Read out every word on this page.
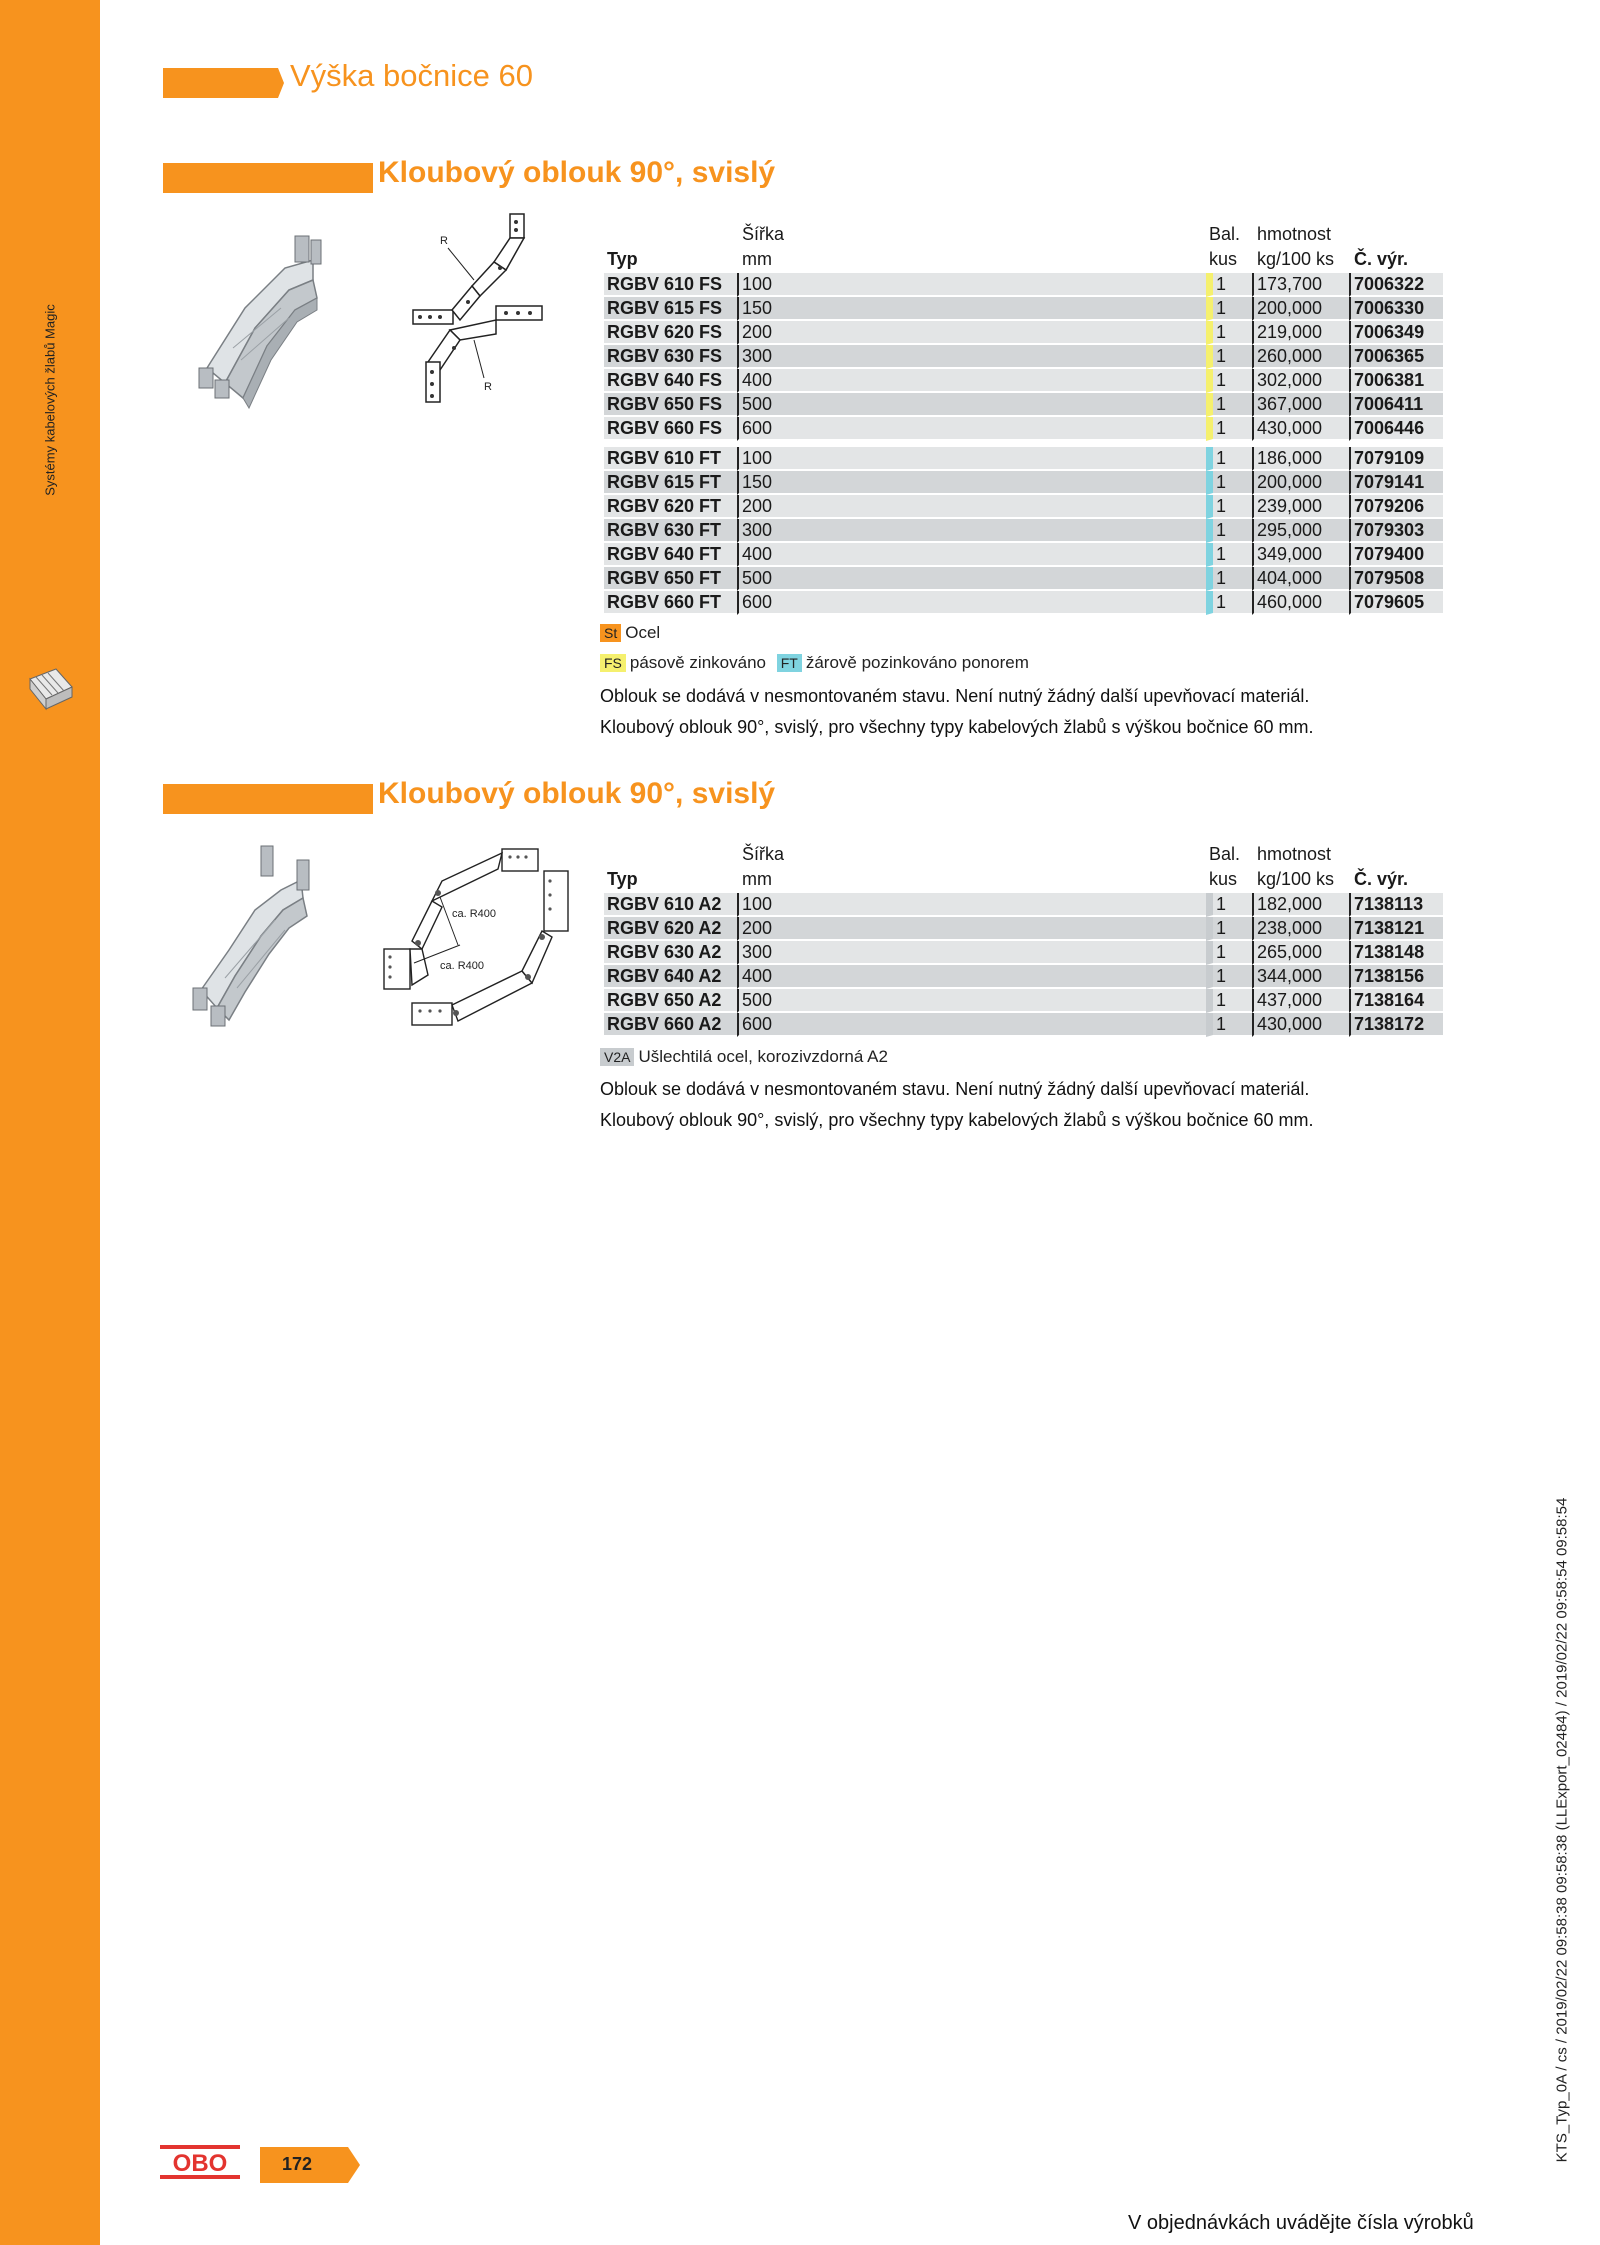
Systémy kabelových žlabů Magic
Výška bočnice 60
Kloubový oblouk 90°, svislý
R
R
	Šířka	Bal.	hmotnost	
Typ	mm	kus	kg/100 ks	Č. výr.
RGBV 610 FS	100	1	173,700	7006322
RGBV 615 FS	150	1	200,000	7006330
RGBV 620 FS	200	1	219,000	7006349
RGBV 630 FS	300	1	260,000	7006365
RGBV 640 FS	400	1	302,000	7006381
RGBV 650 FS	500	1	367,000	7006411
RGBV 660 FS	600	1	430,000	7006446

RGBV 610 FT	100	1	186,000	7079109
RGBV 615 FT	150	1	200,000	7079141
RGBV 620 FT	200	1	239,000	7079206
RGBV 630 FT	300	1	295,000	7079303
RGBV 640 FT	400	1	349,000	7079400
RGBV 650 FT	500	1	404,000	7079508
RGBV 660 FT	600	1	460,000	7079605
St Ocel
FS pásově zinkováno FT žárově pozinkováno ponorem
Oblouk se dodává v nesmontovaném stavu. Není nutný žádný další upevňovací materiál.
Kloubový oblouk 90°, svislý, pro všechny typy kabelových žlabů s výškou bočnice 60 mm.
Kloubový oblouk 90°, svislý
ca. R400
ca. R400
	Šířka	Bal.	hmotnost	
Typ	mm	kus	kg/100 ks	Č. výr.
RGBV 610 A2	100	1	182,000	7138113
RGBV 620 A2	200	1	238,000	7138121
RGBV 630 A2	300	1	265,000	7138148
RGBV 640 A2	400	1	344,000	7138156
RGBV 650 A2	500	1	437,000	7138164
RGBV 660 A2	600	1	430,000	7138172
V2A Ušlechtilá ocel, korozivzdorná A2
Oblouk se dodává v nesmontovaném stavu. Není nutný žádný další upevňovací materiál.
Kloubový oblouk 90°, svislý, pro všechny typy kabelových žlabů s výškou bočnice 60 mm.
OBO	172
V objednávkách uvádějte čísla výrobků
KTS_Typ_0A / cs / 2019/02/22 09:58:38 09:58:38 (LLExport_02484) / 2019/02/22 09:58:54 09:58:54
